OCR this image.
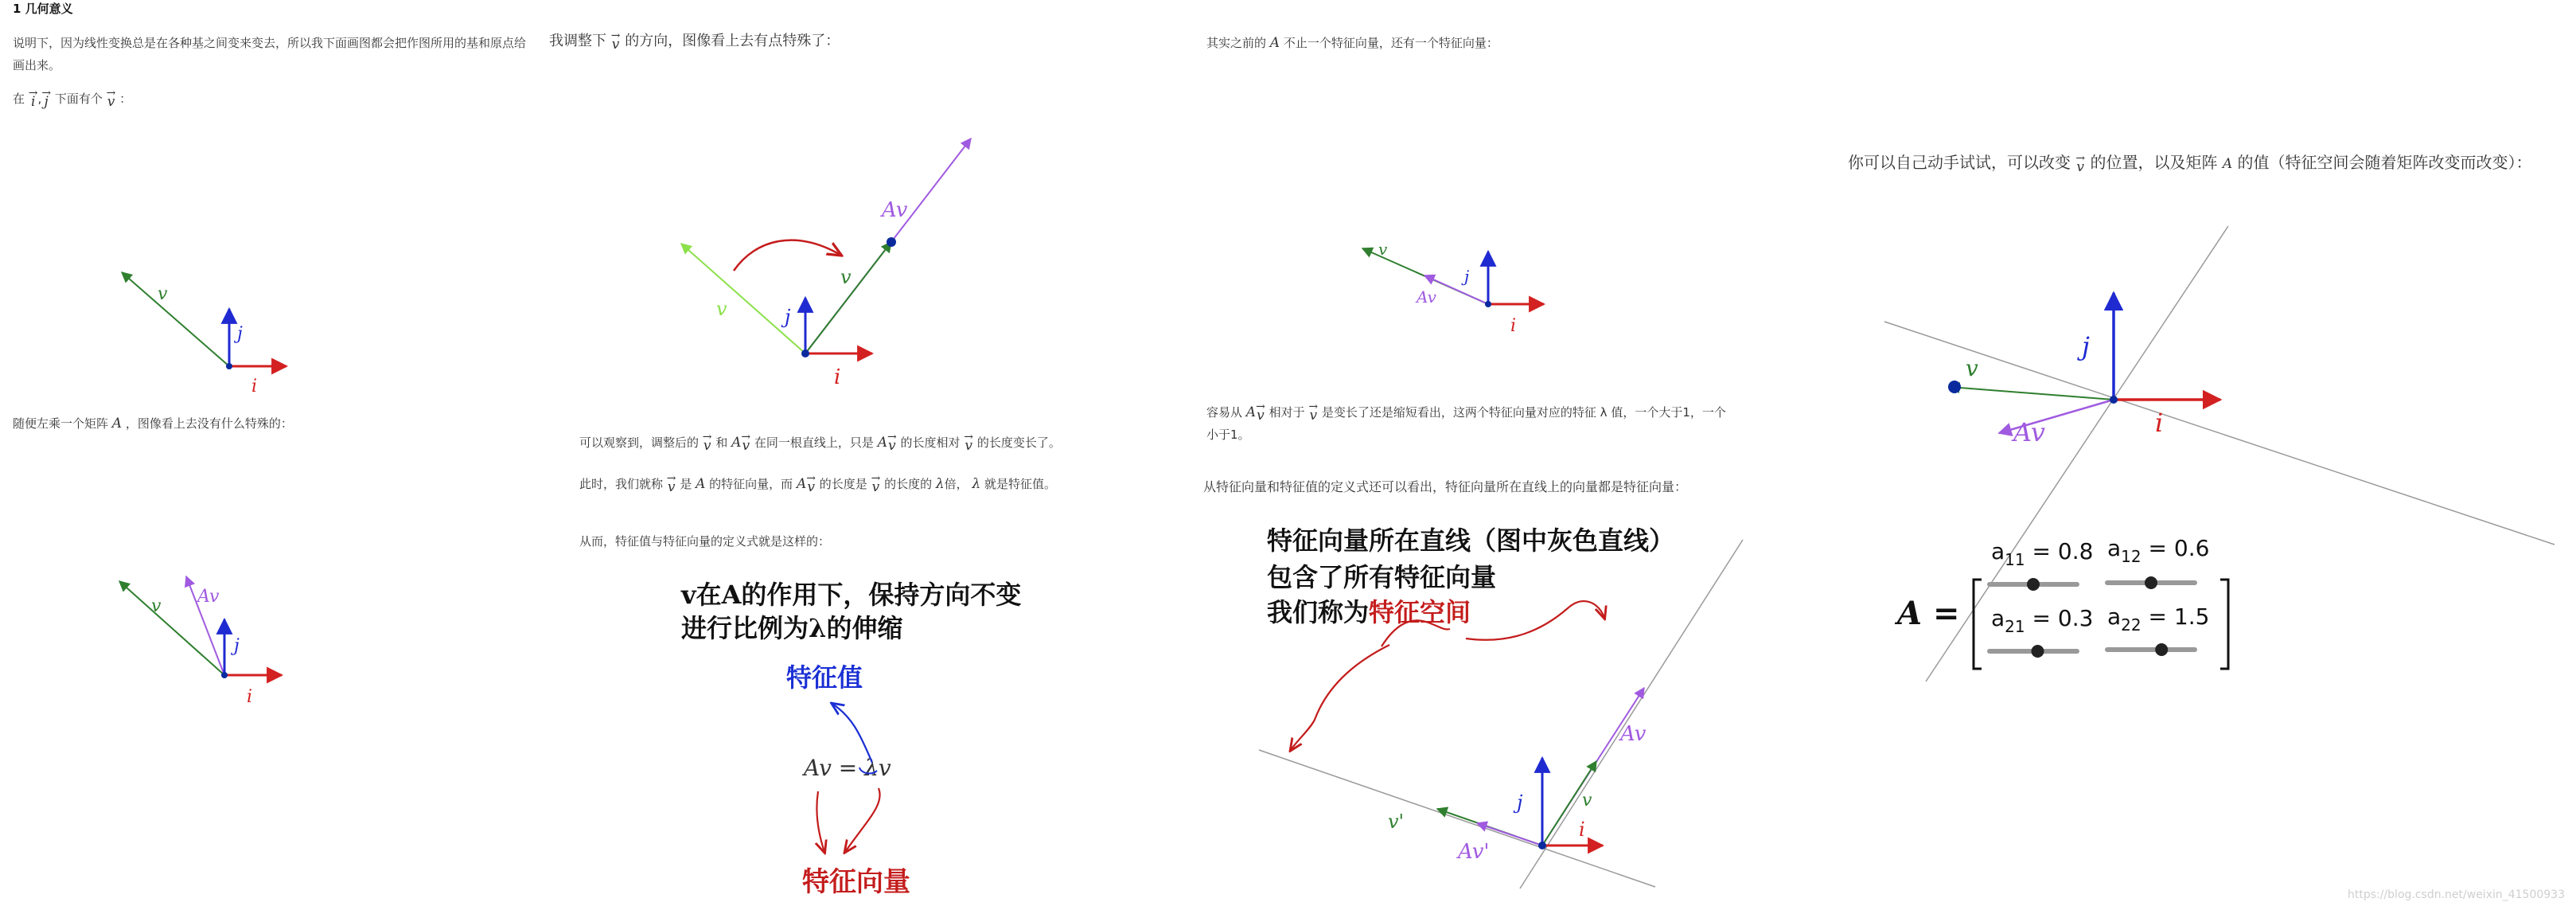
1 几何意义

说明下，因为线性变换总是在各种基之间变来变去，所以我下面画图都会把作图所用的基和原点给画出来。

在 → i , → j 下面有个 → v ：

v
j
i

随便左乘一个矩阵 A ，图像看上去没有什么特殊的：

v Av
j
i

我调整下 → v 的方向，图像看上去有点特殊了：

Av
v
v
j
i

可以观察到，调整后的 → v 和 A→ v 在同一根直线上，只是 A→ v 的长度相对 → v 的长度变长了。

此时，我们就称 → v 是 A 的特征向量，而 A→ v 的长度是 → v 的长度的 λ倍， λ 就是特征值。

从而，特征值与特征向量的定义式就是这样的：

v在A的作用下，保持方向不变

进行比例为λ的伸缩

特征值

Av = λv

特征向量

其实之前的 A 不止一个特征向量，还有一个特征向量：

v
Av
j
i

容易从 A→ v 相对于 → v 是变长了还是缩短看出，这两个特征向量对应的特征 λ 值，一个大于1，一个小于1。

从特征向量和特征值的定义式还可以看出，特征向量所在直线上的向量都是特征向量：

特征向量所在直线（图中灰色直线）

包含了所有特征向量

我们称为特征空间

Av
v
i
j
v'
Av'

你可以自己动手试试，可以改变 → v 的位置，以及矩阵 A 的值（特征空间会随着矩阵改变而改变）：

v
Av
j
i
A =
$a_{11} = 0.8$ $a_{12} = 0.6$
$a_{21} = 0.3$ $a_{22} = 1.5$
https://blog.csdn.net/weixin_41500933
